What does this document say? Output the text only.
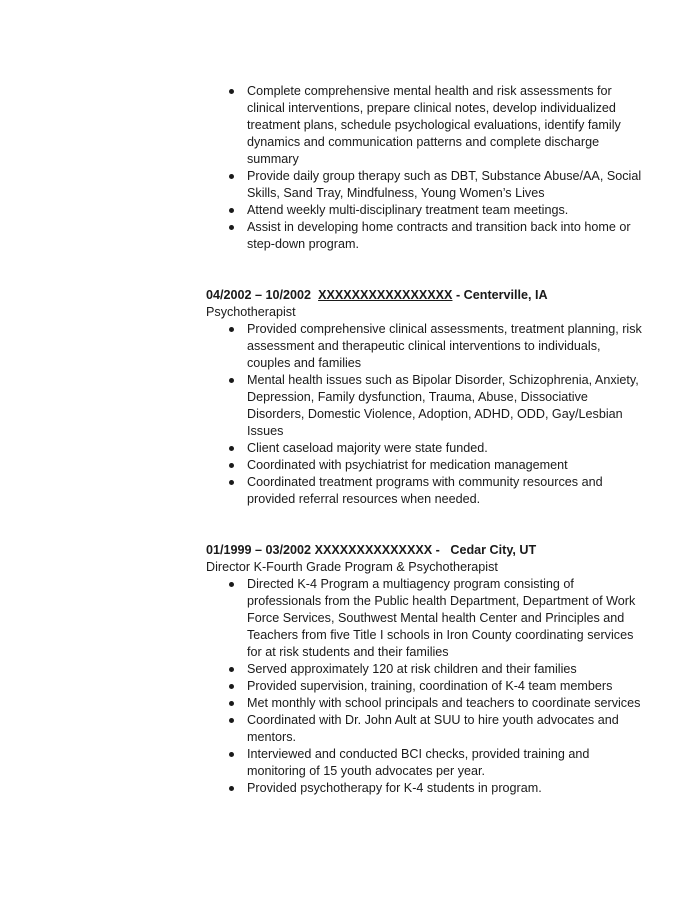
Complete comprehensive mental health and risk assessments for clinical interventions, prepare clinical notes, develop individualized treatment plans, schedule psychological evaluations, identify family dynamics and communication patterns and complete discharge summary
Provide daily group therapy such as DBT, Substance Abuse/AA, Social Skills, Sand Tray, Mindfulness, Young Women’s Lives
Attend weekly multi-disciplinary treatment team meetings.
Assist in developing home contracts and transition back into home or step-down program.
04/2002 – 10/2002 XXXXXXXXXXXXXXXX - Centerville, IA
Psychotherapist
Provided comprehensive clinical assessments, treatment planning, risk assessment and therapeutic clinical interventions to individuals, couples and families
Mental health issues such as Bipolar Disorder, Schizophrenia, Anxiety, Depression, Family dysfunction, Trauma, Abuse, Dissociative Disorders, Domestic Violence, Adoption, ADHD, ODD, Gay/Lesbian Issues
Client caseload majority were state funded.
Coordinated with psychiatrist for medication management
Coordinated treatment programs with community resources and provided referral resources when needed.
01/1999 – 03/2002 XXXXXXXXXXXXXX -   Cedar City, UT
Director K-Fourth Grade Program & Psychotherapist
Directed K-4 Program a multiagency program consisting of professionals from the Public health Department, Department of Work Force Services, Southwest Mental health Center and Principles and Teachers from five Title I schools in Iron County coordinating services for at risk students and their families
Served approximately 120 at risk children and their families
Provided supervision, training, coordination of K-4 team members
Met monthly with school principals and teachers to coordinate services
Coordinated with Dr. John Ault at SUU to hire youth advocates and mentors.
Interviewed and conducted BCI checks, provided training and monitoring of 15 youth advocates per year.
Provided psychotherapy for K-4 students in program.
